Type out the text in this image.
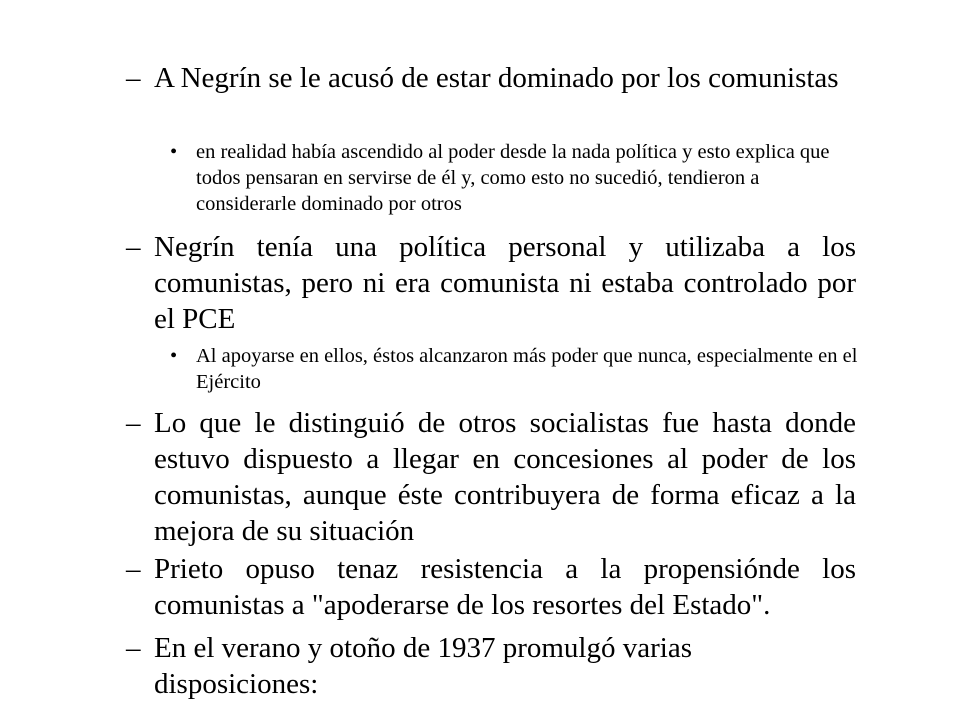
– A Negrín se le acusó de estar dominado por los comunistas
• en realidad había ascendido al poder desde la nada política y esto explica que todos pensaran en servirse de él y, como esto no sucedió, tendieron a considerarle dominado por otros
– Negrín tenía una política personal y utilizaba a los comunistas, pero ni era comunista ni estaba controlado por el PCE
• Al apoyarse en ellos, éstos alcanzaron más poder que nunca, especialmente en el Ejército
– Lo que le distinguió de otros socialistas fue hasta donde estuvo dispuesto a llegar en concesiones al poder de los comunistas, aunque éste contribuyera de forma eficaz a la mejora de su situación
– Prieto opuso tenaz resistencia a la propensiónde los comunistas a "apoderarse de los resortes del Estado".
– En el verano y otoño de 1937 promulgó varias disposiciones:
